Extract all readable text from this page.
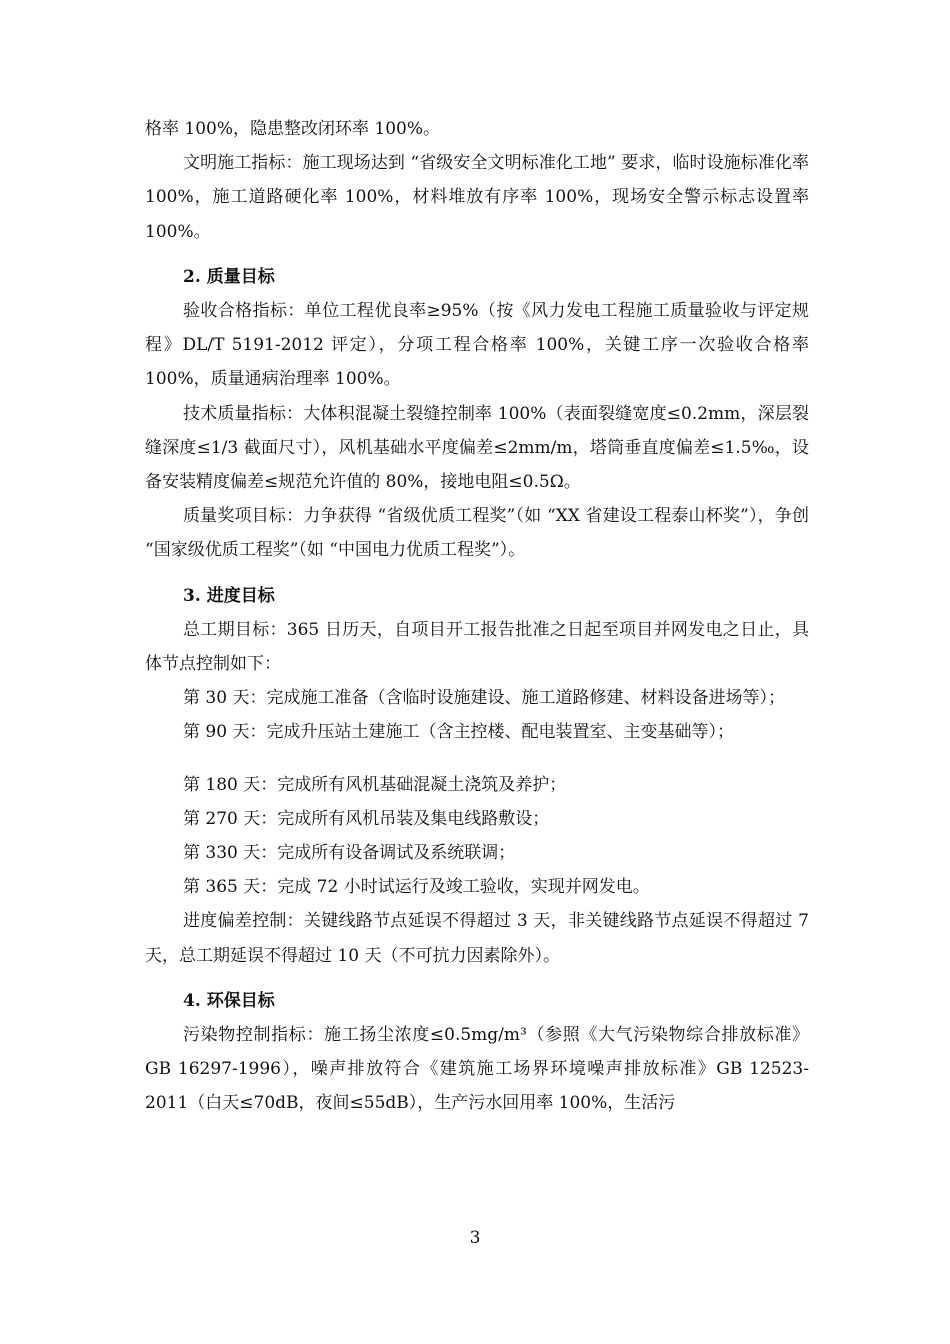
格率 100%，隐患整改闭环率 100%。

文明施工指标：施工现场达到 “省级安全文明标准化工地” 要求，临时设施标准化率 100%，施工道路硬化率 100%，材料堆放有序率 100%，现场安全警示标志设置率 100%。

2. 质量目标

验收合格指标：单位工程优良率≥95%（按《风力发电工程施工质量验收与评定规程》DL/T 5191-2012 评定），分项工程合格率 100%，关键工序一次验收合格率 100%，质量通病治理率 100%。

技术质量指标：大体积混凝土裂缝控制率 100%（表面裂缝宽度≤0.2mm，深层裂缝深度≤1/3 截面尺寸），风机基础水平度偏差≤2mm/m，塔筒垂直度偏差≤1.5‰，设备安装精度偏差≤规范允许值的 80%，接地电阻≤0.5Ω。

质量奖项目标：力争获得 “省级优质工程奖”（如 “XX 省建设工程泰山杯奖”），争创 “国家级优质工程奖”（如 “中国电力优质工程奖”）。

3. 进度目标

总工期目标：365 日历天，自项目开工报告批准之日起至项目并网发电之日止，具体节点控制如下：

第 30 天：完成施工准备（含临时设施建设、施工道路修建、材料设备进场等）；

第 90 天：完成升压站土建施工（含主控楼、配电装置室、主变基础等）；

第 180 天：完成所有风机基础混凝土浇筑及养护；

第 270 天：完成所有风机吊装及集电线路敷设；

第 330 天：完成所有设备调试及系统联调；

第 365 天：完成 72 小时试运行及竣工验收，实现并网发电。

进度偏差控制：关键线路节点延误不得超过 3 天，非关键线路节点延误不得超过 7 天，总工期延误不得超过 10 天（不可抗力因素除外）。

4. 环保目标

污染物控制指标：施工扬尘浓度≤0.5mg/m³（参照《大气污染物综合排放标准》GB 16297-1996），噪声排放符合《建筑施工场界环境噪声排放标准》GB 12523-2011（白天≤70dB，夜间≤55dB），生产污水回用率 100%，生活污

3
